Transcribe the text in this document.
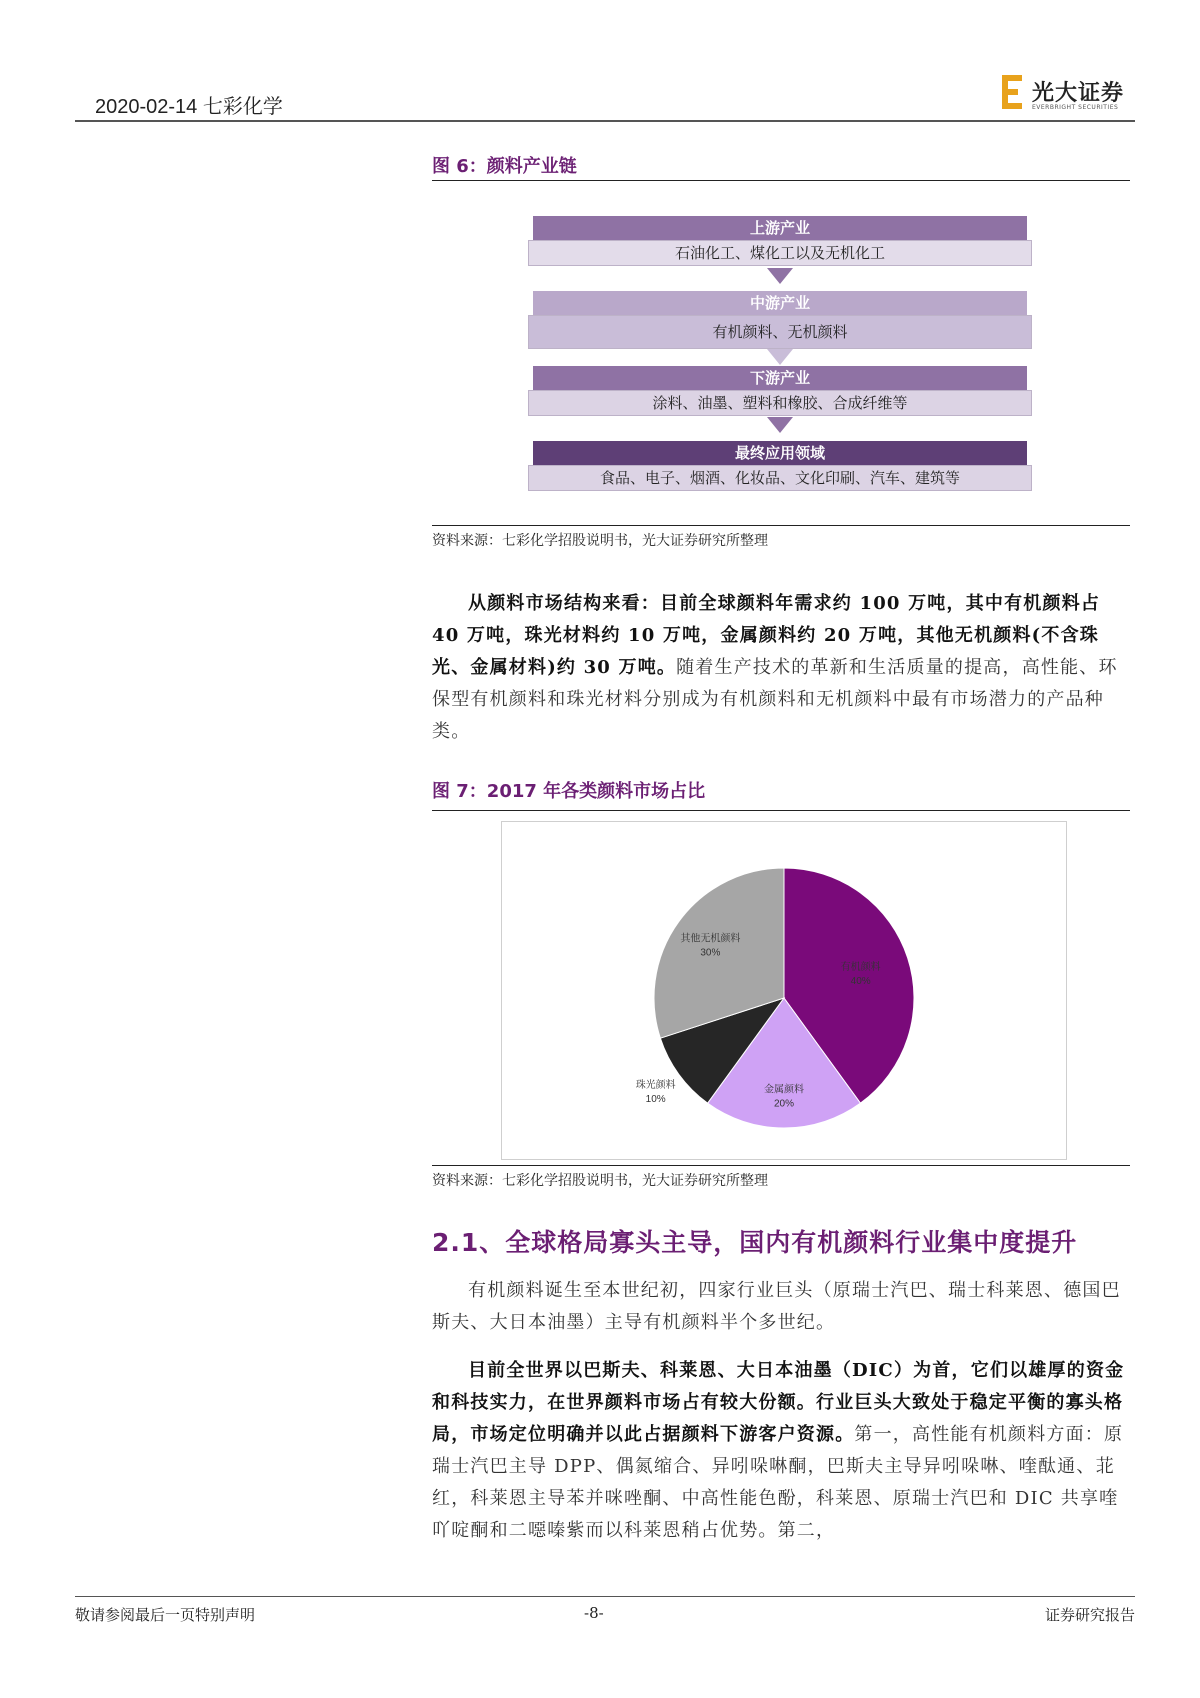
2020-02-14 七彩化学
光大证券
EVERBRIGHT SECURITIES
图 6：颜料产业链
上游产业
石油化工、煤化工以及无机化工
中游产业
有机颜料、无机颜料
下游产业
涂料、油墨、塑料和橡胶、合成纤维等
最终应用领域
食品、电子、烟酒、化妆品、文化印刷、汽车、建筑等
资料来源：七彩化学招股说明书，光大证券研究所整理
从颜料市场结构来看：目前全球颜料年需求约 100 万吨，其中有机颜料占 40 万吨，珠光材料约 10 万吨，金属颜料约 20 万吨，其他无机颜料(不含珠光、金属材料)约 30 万吨。随着生产技术的革新和生活质量的提高，高性能、环保型有机颜料和珠光材料分别成为有机颜料和无机颜料中最有市场潜力的产品种类。
图 7：2017 年各类颜料市场占比
有机颜料
40%
金属颜料
20%
珠光颜料
10%
其他无机颜料
30%
资料来源：七彩化学招股说明书，光大证券研究所整理
2.1、全球格局寡头主导，国内有机颜料行业集中度提升
有机颜料诞生至本世纪初，四家行业巨头（原瑞士汽巴、瑞士科莱恩、德国巴斯夫、大日本油墨）主导有机颜料半个多世纪。
目前全世界以巴斯夫、科莱恩、大日本油墨（DIC）为首，它们以雄厚的资金和科技实力，在世界颜料市场占有较大份额。行业巨头大致处于稳定平衡的寡头格局，市场定位明确并以此占据颜料下游客户资源。第一，高性能有机颜料方面：原瑞士汽巴主导 DPP、偶氮缩合、异吲哚啉酮，巴斯夫主导异吲哚啉、喹酞通、苝红，科莱恩主导苯并咪唑酮、中高性能色酚，科莱恩、原瑞士汽巴和 DIC 共享喹吖啶酮和二噁嗪紫而以科莱恩稍占优势。第二，
敬请参阅最后一页特别声明	-8-	证券研究报告
